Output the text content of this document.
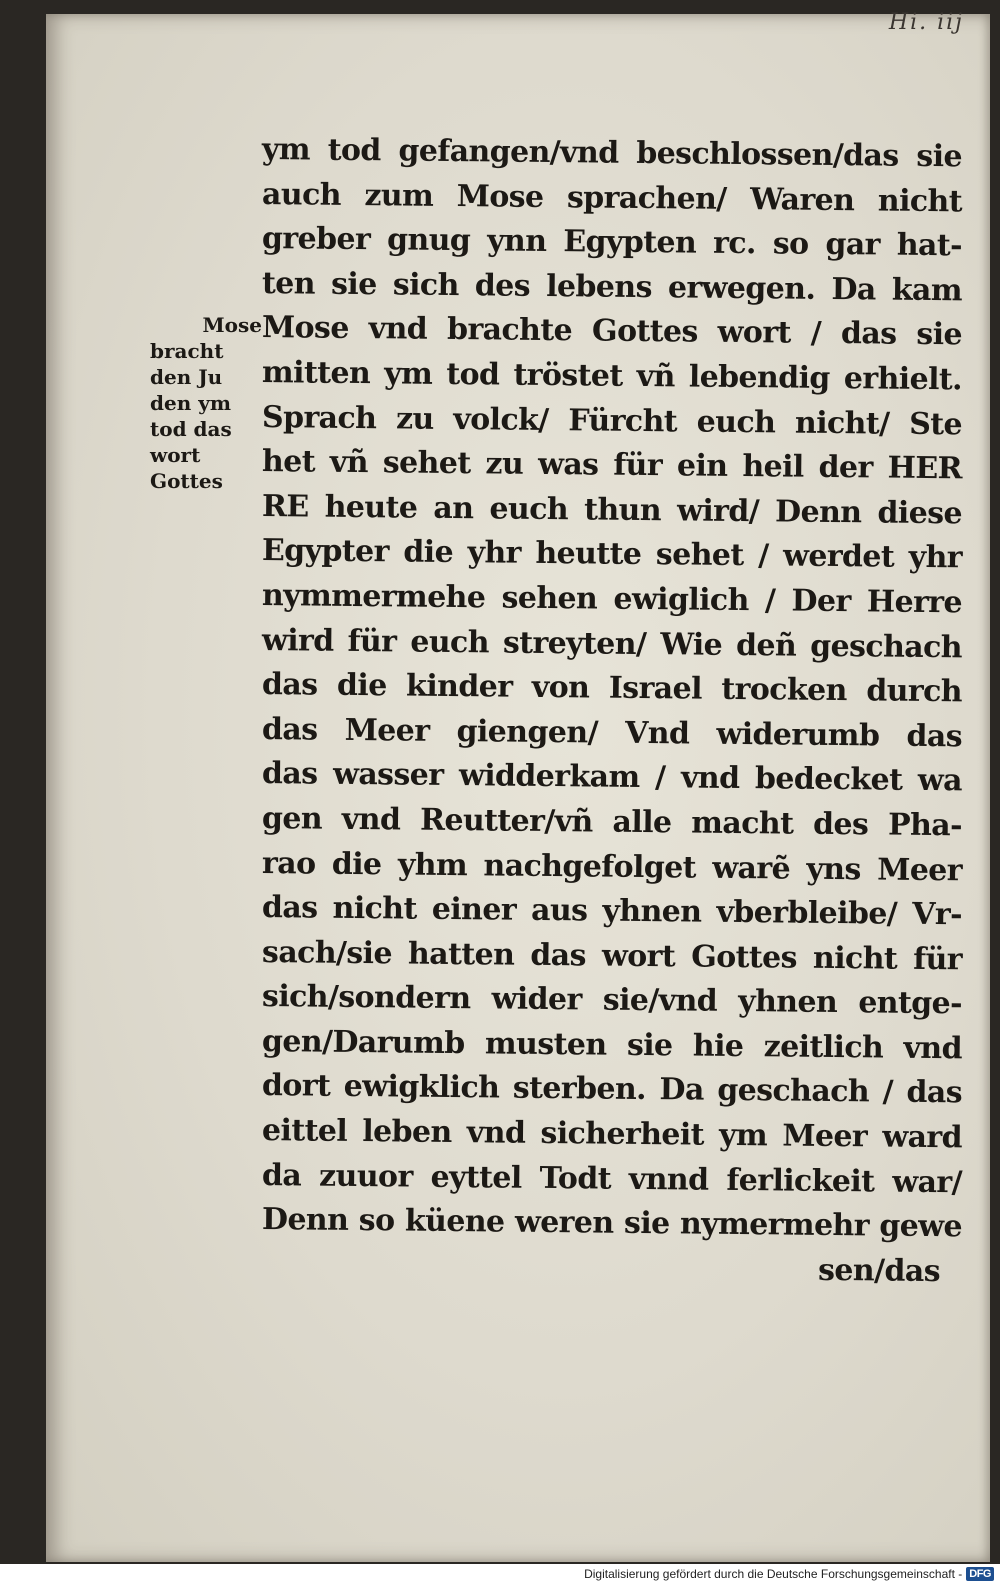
Hi. iij
ym tod gefangen/vnd beschlossen/das sie
auch zum Mose sprachen/ Waren nicht
greber gnug ynn Egypten rc. so gar hat-
ten sie sich des lebens erwegen. Da kam
Mose vnd brachte Gottes wort / das sie
mitten ym tod tröstet vñ lebendig erhielt.
Sprach zu volck/ Fürcht euch nicht/ Ste
het vñ sehet zu was für ein heil der HER
RE heute an euch thun wird/ Denn diese
Egypter die yhr heutte sehet / werdet yhr
nymmermehe sehen ewiglich / Der Herre
wird für euch streyten/ Wie deñ geschach
das die kinder von Israel trocken durch
das Meer giengen/ Vnd widerumb das
das wasser widderkam / vnd bedecket wa
gen vnd Reutter/vñ alle macht des Pha-
rao die yhm nachgefolget warẽ yns Meer
das nicht einer aus yhnen vberbleibe/ Vr-
sach/sie hatten das wort Gottes nicht für
sich/sondern wider sie/vnd yhnen entge-
gen/Darumb musten sie hie zeitlich vnd
dort ewigklich sterben. Da geschach / das
eittel leben vnd sicherheit ym Meer ward
da zuuor eyttel Todt vnnd ferlickeit war/
Denn so küene weren sie nymermehr gewe
sen/das
Mose
bracht
den Ju
den ym
tod das
wort
Gottes
Digitalisierung gefördert durch die Deutsche Forschungsgemeinschaft - DFG
